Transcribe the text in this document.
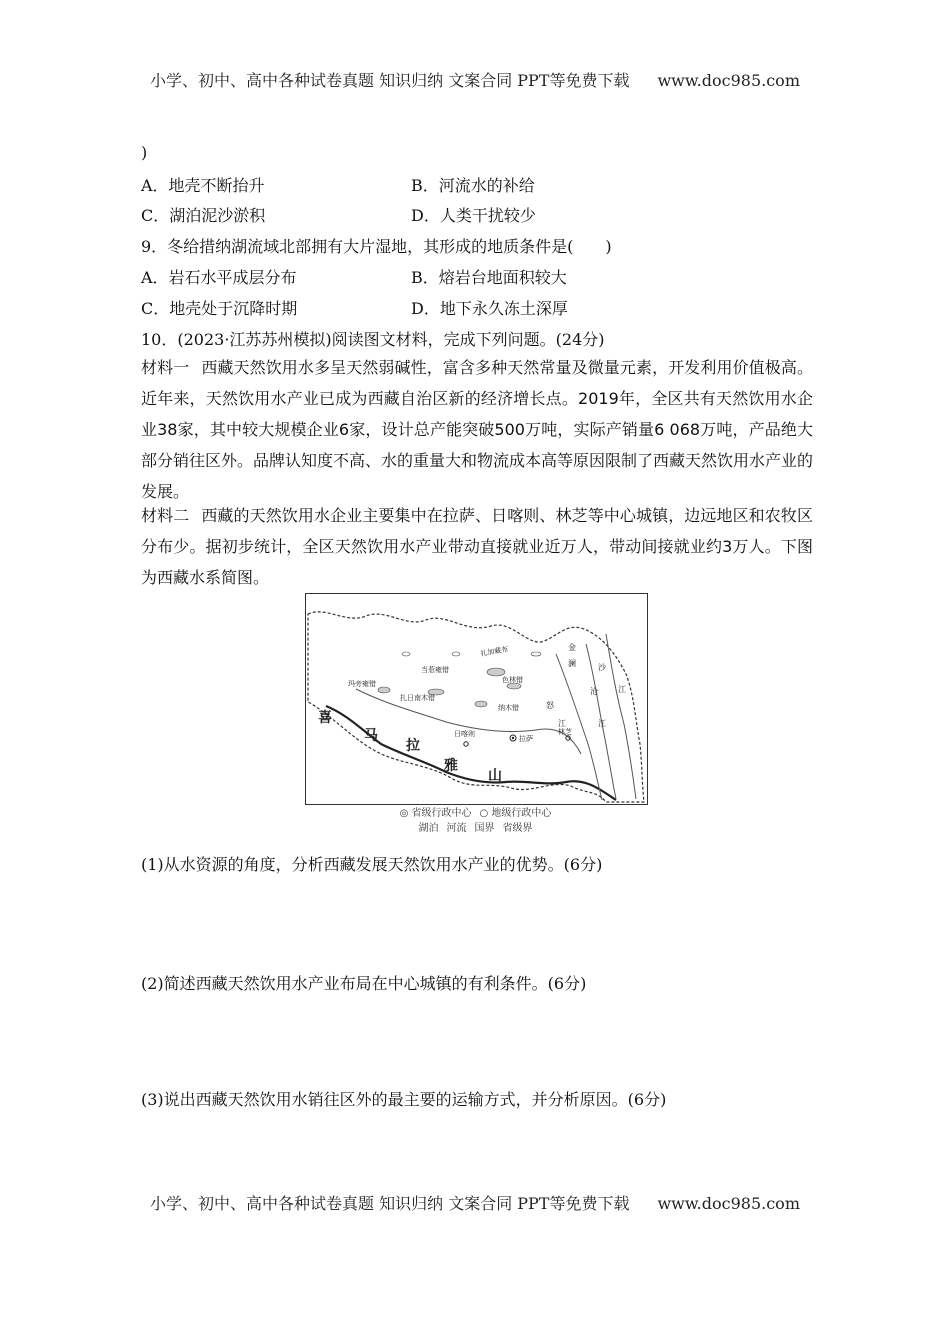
小学、初中、高中各种试卷真题 知识归纳 文案合同 PPT等免费下载 www.doc985.com
)
A．地壳不断抬升	B．河流水的补给
C．湖泊泥沙淤积	D．人类干扰较少
9．冬给措纳湖流域北部拥有大片湿地，其形成的地质条件是(　　)
A．岩石水平成层分布	B．熔岩台地面积较大
C．地壳处于沉降时期	D．地下永久冻土深厚
10．(2023·江苏苏州模拟)阅读图文材料，完成下列问题。(24分)
材料一 西藏天然饮用水多呈天然弱碱性，富含多种天然常量及微量元素，开发利用价值极高。近年来，天然饮用水产业已成为西藏自治区新的经济增长点。2019年，全区共有天然饮用水企业38家，其中较大规模企业6家，设计总产能突破500万吨，实际产销量6 068万吨，产品绝大部分销往区外。品牌认知度不高、水的重量大和物流成本高等原因限制了西藏天然饮用水产业的发展。
材料二 西藏的天然饮用水企业主要集中在拉萨、日喀则、林芝等中心城镇，边远地区和农牧区分布少。据初步统计，全区天然饮用水产业带动直接就业近万人，带动间接就业约3万人。下图为西藏水系简图。
当惹雍错
扎加藏布
色林错
玛旁雍错
扎日南木错
纳木错
日喀则
拉萨
林芝
金
沙
江
澜
沧
江
怒
江
喜
马
拉
雅
山
◎ 省级行政中心 ○ 地级行政中心
湖泊 河流 国界 省级界
(1)从水资源的角度，分析西藏发展天然饮用水产业的优势。(6分)
(2)简述西藏天然饮用水产业布局在中心城镇的有利条件。(6分)
(3)说出西藏天然饮用水销往区外的最主要的运输方式，并分析原因。(6分)
小学、初中、高中各种试卷真题 知识归纳 文案合同 PPT等免费下载 www.doc985.com
